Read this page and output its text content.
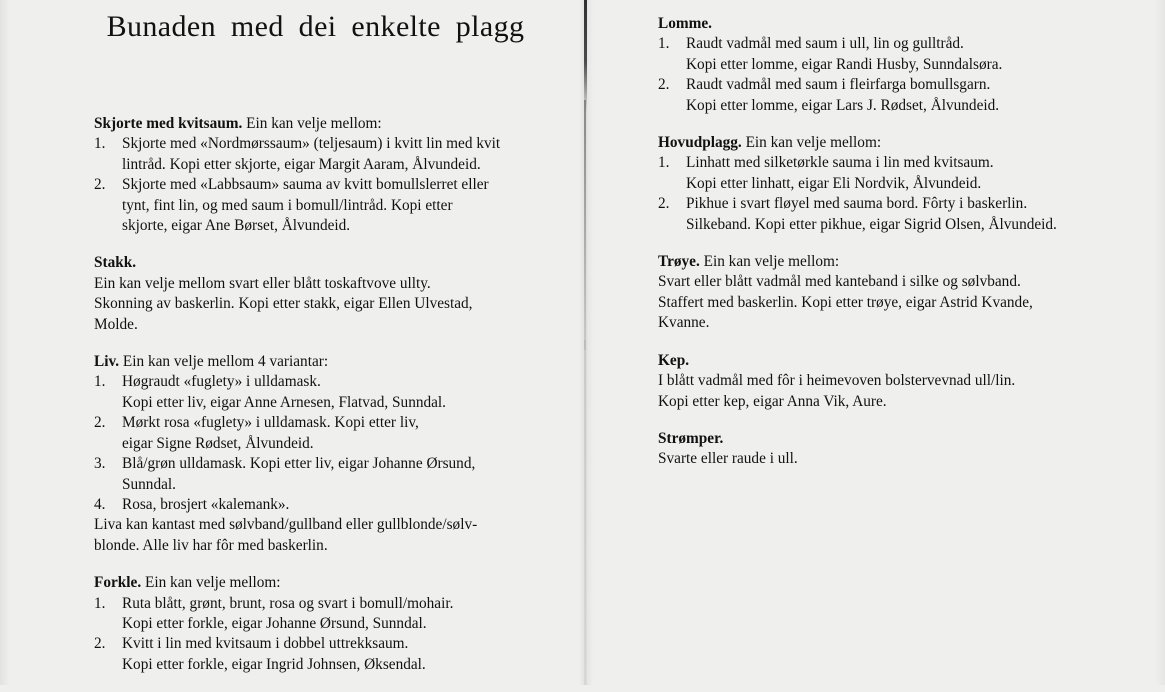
Bunaden med dei enkelte plagg

Skjorte med kvitsaum. Ein kan velje mellom:

1.	Skjorte med «Nordmørssaum» (teljesaum) i kvitt lin med kvit
lintråd. Kopi etter skjorte, eigar Margit Aaram, Ålvundeid.
2.	Skjorte med «Labbsaum» sauma av kvitt bomullslerret eller
tynt, fint lin, og med saum i bomull/lintråd. Kopi etter
skjorte, eigar Ane Børset, Ålvundeid.

Stakk.

Ein kan velje mellom svart eller blått toskaftvove ullty.

Skonning av baskerlin. Kopi etter stakk, eigar Ellen Ulvestad,

Molde.

Liv. Ein kan velje mellom 4 variantar:

1.	Høgraudt «fuglety» i ulldamask.
Kopi etter liv, eigar Anne Arnesen, Flatvad, Sunndal.
2.	Mørkt rosa «fuglety» i ulldamask. Kopi etter liv,
eigar Signe Rødset, Ålvundeid.
3.	Blå/grøn ulldamask. Kopi etter liv, eigar Johanne Ørsund,
Sunndal.
4.	Rosa, brosjert «kalemank».

Liva kan kantast med sølvband/gullband eller gullblonde/sølv-

blonde. Alle liv har fôr med baskerlin.

Forkle. Ein kan velje mellom:

1.	Ruta blått, grønt, brunt, rosa og svart i bomull/mohair.
Kopi etter forkle, eigar Johanne Ørsund, Sunndal.
2.	Kvitt i lin med kvitsaum i dobbel uttrekksaum.
Kopi etter forkle, eigar Ingrid Johnsen, Øksendal.

Lomme.

1.	Raudt vadmål med saum i ull, lin og gulltråd.
Kopi etter lomme, eigar Randi Husby, Sunndalsøra.
2.	Raudt vadmål med saum i fleirfarga bomullsgarn.
Kopi etter lomme, eigar Lars J. Rødset, Ålvundeid.

Hovudplagg. Ein kan velje mellom:

1.	Linhatt med silketørkle sauma i lin med kvitsaum.
Kopi etter linhatt, eigar Eli Nordvik, Ålvundeid.
2.	Pikhue i svart fløyel med sauma bord. Fôrty i baskerlin.
Silkeband. Kopi etter pikhue, eigar Sigrid Olsen, Ålvundeid.

Trøye. Ein kan velje mellom:

Svart eller blått vadmål med kanteband i silke og sølvband.

Staffert med baskerlin. Kopi etter trøye, eigar Astrid Kvande,

Kvanne.

Kep.

I blått vadmål med fôr i heimevoven bolstervevnad ull/lin.

Kopi etter kep, eigar Anna Vik, Aure.

Strømper.

Svarte eller raude i ull.
